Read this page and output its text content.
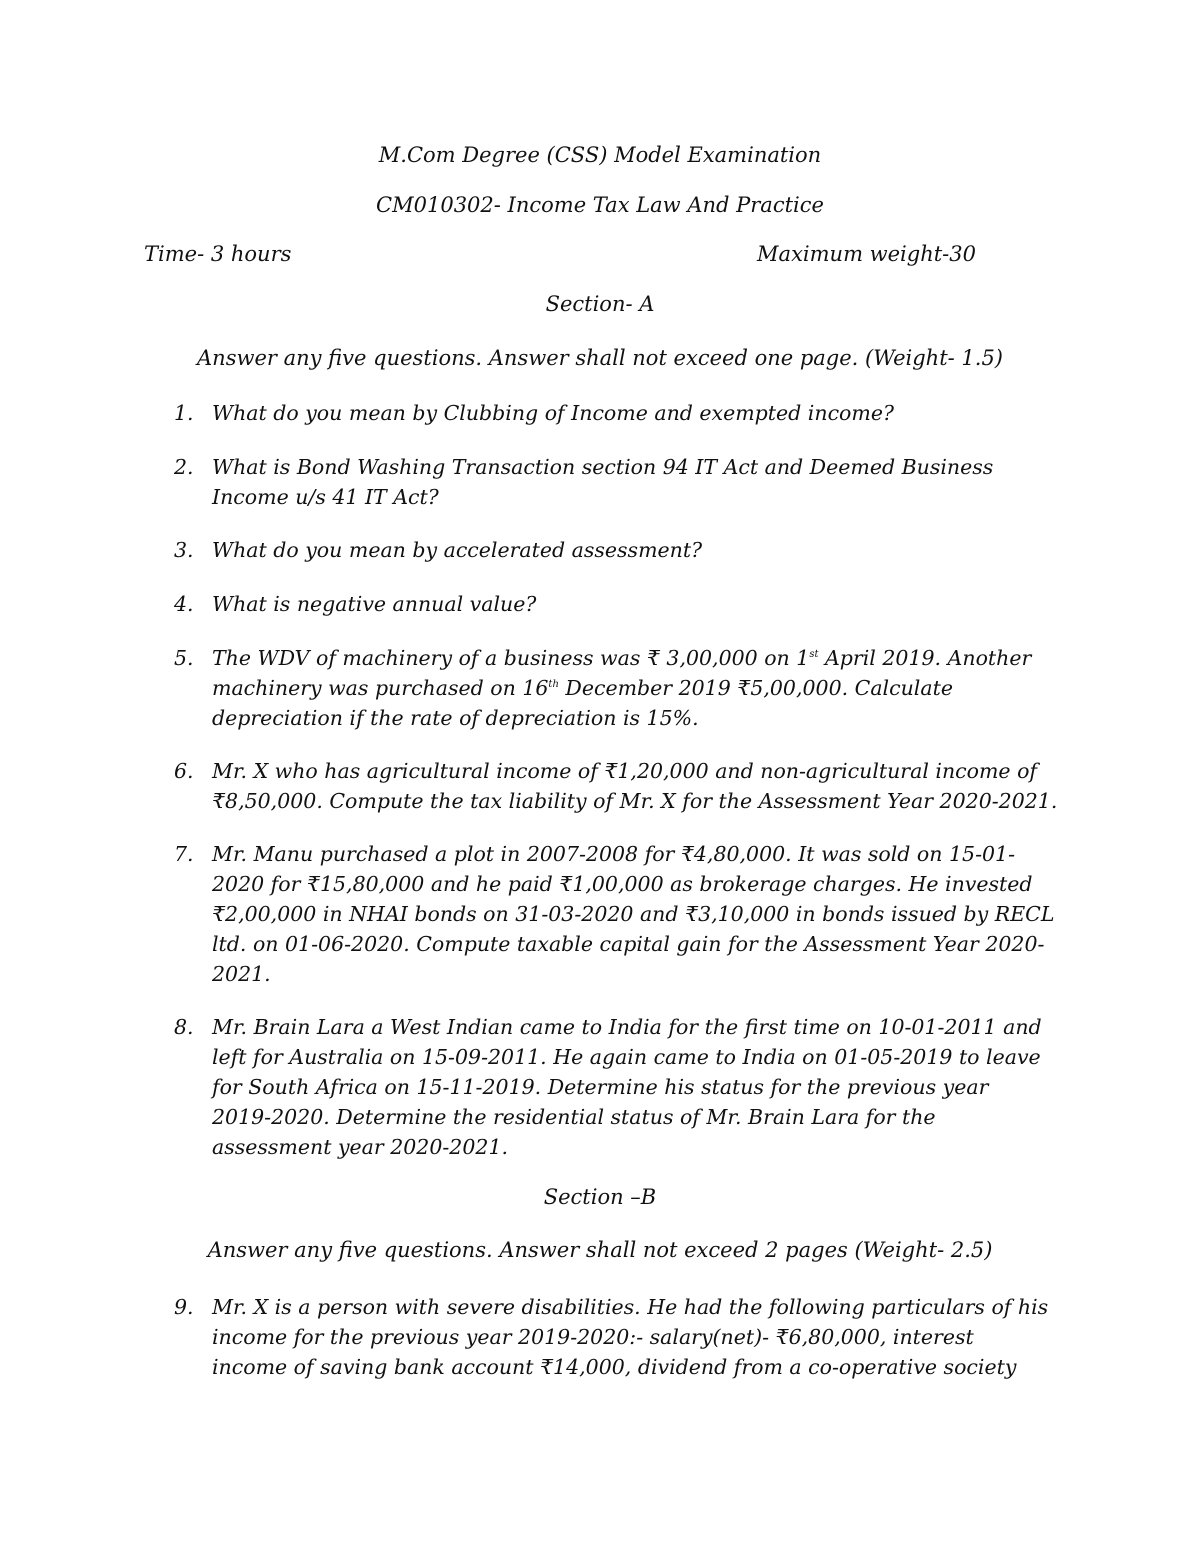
M.Com Degree (CSS) Model Examination
CM010302- Income Tax Law And Practice
Time- 3 hours	Maximum weight-30
Section- A
Answer any five questions. Answer shall not exceed one page. (Weight- 1.5)
1. What do you mean by Clubbing of Income and exempted income?
2. What is Bond Washing Transaction section 94 IT Act and Deemed Business
Income u/s 41 IT Act?
3. What do you mean by accelerated assessment?
4. What is negative annual value?
5. The WDV of machinery of a business was ₹ 3,00,000 on 1st April 2019. Another
machinery was purchased on 16th December 2019 ₹5,00,000. Calculate
depreciation if the rate of depreciation is 15%.
6. Mr. X who has agricultural income of ₹1,20,000 and non-agricultural income of
₹8,50,000. Compute the tax liability of Mr. X for the Assessment Year 2020-2021.
7. Mr. Manu purchased a plot in 2007-2008 for ₹4,80,000. It was sold on 15-01-
2020 for ₹15,80,000 and he paid ₹1,00,000 as brokerage charges. He invested
₹2,00,000 in NHAI bonds on 31-03-2020 and ₹3,10,000 in bonds issued by RECL
ltd. on 01-06-2020. Compute taxable capital gain for the Assessment Year 2020-
2021.
8. Mr. Brain Lara a West Indian came to India for the first time on 10-01-2011 and
left for Australia on 15-09-2011. He again came to India on 01-05-2019 to leave
for South Africa on 15-11-2019. Determine his status for the previous year
2019-2020. Determine the residential status of Mr. Brain Lara for the
assessment year 2020-2021.
Section –B
Answer any five questions. Answer shall not exceed 2 pages (Weight- 2.5)
9. Mr. X is a person with severe disabilities. He had the following particulars of his
income for the previous year 2019-2020:- salary(net)- ₹6,80,000, interest
income of saving bank account ₹14,000, dividend from a co-operative society
